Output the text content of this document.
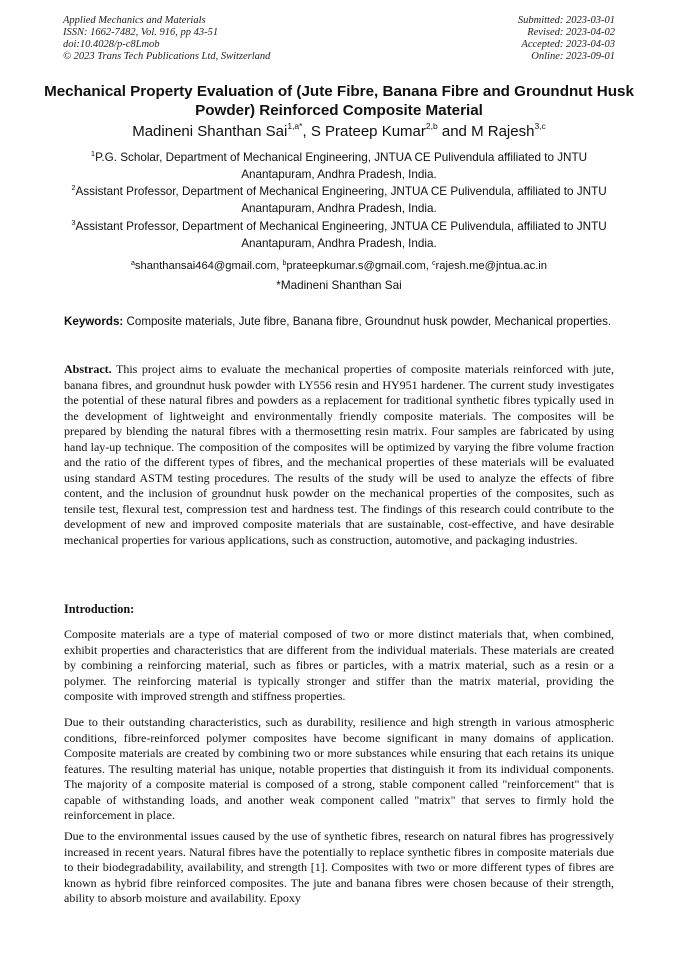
Applied Mechanics and Materials
ISSN: 1662-7482, Vol. 916, pp 43-51
doi:10.4028/p-c8Lmob
© 2023 Trans Tech Publications Ltd, Switzerland
Submitted: 2023-03-01
Revised: 2023-04-02
Accepted: 2023-04-03
Online: 2023-09-01
Mechanical Property Evaluation of (Jute Fibre, Banana Fibre and Groundnut Husk Powder) Reinforced Composite Material
Madineni Shanthan Sai$^{1,a*}$, S Prateep Kumar$^{2,b}$ and M Rajesh$^{3,c}$
$^1$P.G. Scholar, Department of Mechanical Engineering, JNTUA CE Pulivendula affiliated to JNTU Anantapuram, Andhra Pradesh, India.
$^2$Assistant Professor, Department of Mechanical Engineering, JNTUA CE Pulivendula, affiliated to JNTU Anantapuram, Andhra Pradesh, India.
$^3$Assistant Professor, Department of Mechanical Engineering, JNTUA CE Pulivendula, affiliated to JNTU Anantapuram, Andhra Pradesh, India.
$^a$shanthansai464@gmail.com, $^b$prateepkumar.s@gmail.com, $^c$rajesh.me@jntua.ac.in
*Madineni Shanthan Sai
Keywords: Composite materials, Jute fibre, Banana fibre, Groundnut husk powder, Mechanical properties.
Abstract. This project aims to evaluate the mechanical properties of composite materials reinforced with jute, banana fibres, and groundnut husk powder with LY556 resin and HY951 hardener. The current study investigates the potential of these natural fibres and powders as a replacement for traditional synthetic fibres typically used in the development of lightweight and environmentally friendly composite materials. The composites will be prepared by blending the natural fibres with a thermosetting resin matrix. Four samples are fabricated by using hand lay-up technique. The composition of the composites will be optimized by varying the fibre volume fraction and the ratio of the different types of fibres, and the mechanical properties of these materials will be evaluated using standard ASTM testing procedures. The results of the study will be used to analyze the effects of fibre content, and the inclusion of groundnut husk powder on the mechanical properties of the composites, such as tensile test, flexural test, compression test and hardness test. The findings of this research could contribute to the development of new and improved composite materials that are sustainable, cost-effective, and have desirable mechanical properties for various applications, such as construction, automotive, and packaging industries.
Introduction:
Composite materials are a type of material composed of two or more distinct materials that, when combined, exhibit properties and characteristics that are different from the individual materials. These materials are created by combining a reinforcing material, such as fibres or particles, with a matrix material, such as a resin or a polymer. The reinforcing material is typically stronger and stiffer than the matrix material, providing the composite with improved strength and stiffness properties.
Due to their outstanding characteristics, such as durability, resilience and high strength in various atmospheric conditions, fibre-reinforced polymer composites have become significant in many domains of application. Composite materials are created by combining two or more substances while ensuring that each retains its unique features. The resulting material has unique, notable properties that distinguish it from its individual components. The majority of a composite material is composed of a strong, stable component called "reinforcement" that is capable of withstanding loads, and another weak component called "matrix" that serves to firmly hold the reinforcement in place.
Due to the environmental issues caused by the use of synthetic fibres, research on natural fibres has progressively increased in recent years. Natural fibres have the potentially to replace synthetic fibres in composite materials due to their biodegradability, availability, and strength [1]. Composites with two or more different types of fibres are known as hybrid fibre reinforced composites. The jute and banana fibres were chosen because of their strength, ability to absorb moisture and availability. Epoxy
